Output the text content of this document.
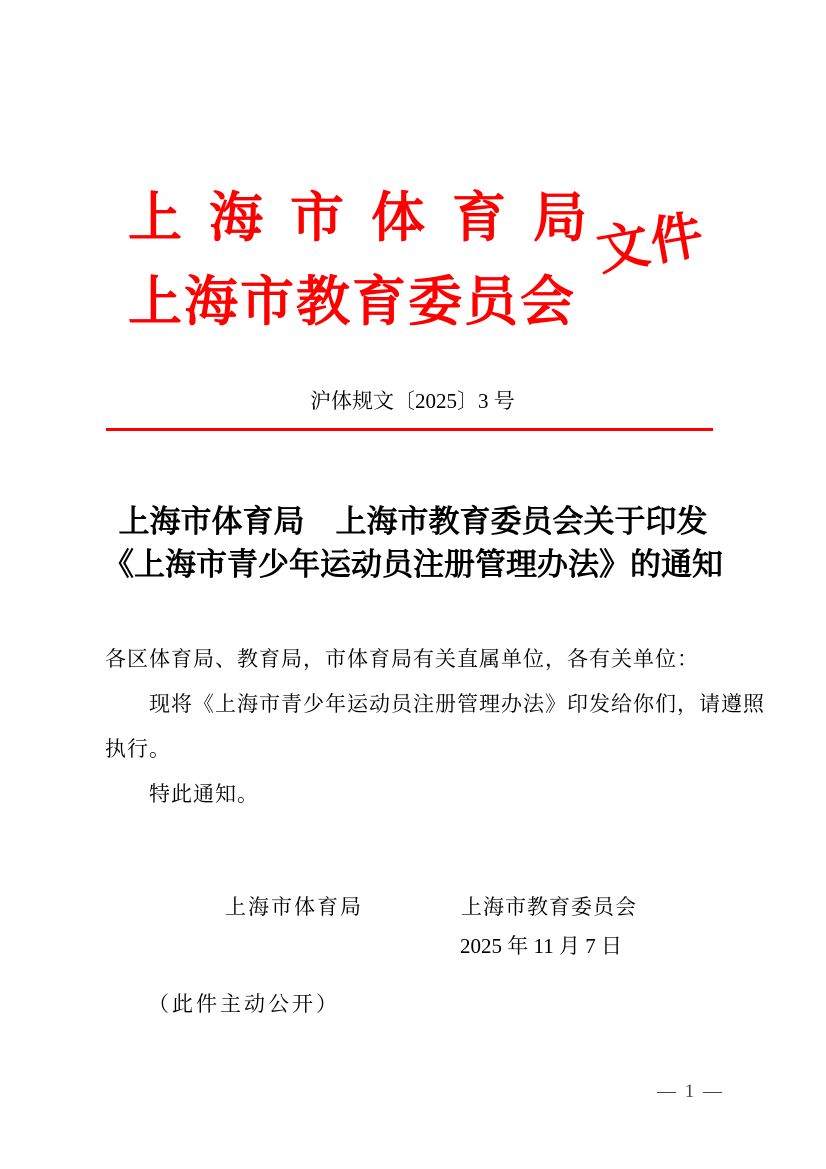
上海市体育局
上海市教育委员会
文件
沪体规文〔2025〕3 号
上海市体育局　上海市教育委员会关于印发
《上海市青少年运动员注册管理办法》的通知
各区体育局、教育局，市体育局有关直属单位，各有关单位：
现将《上海市青少年运动员注册管理办法》印发给你们，请遵照
执行。
特此通知。
上海市体育局	上海市教育委员会
2025 年 11 月 7 日
（此件主动公开）
— 1 —
